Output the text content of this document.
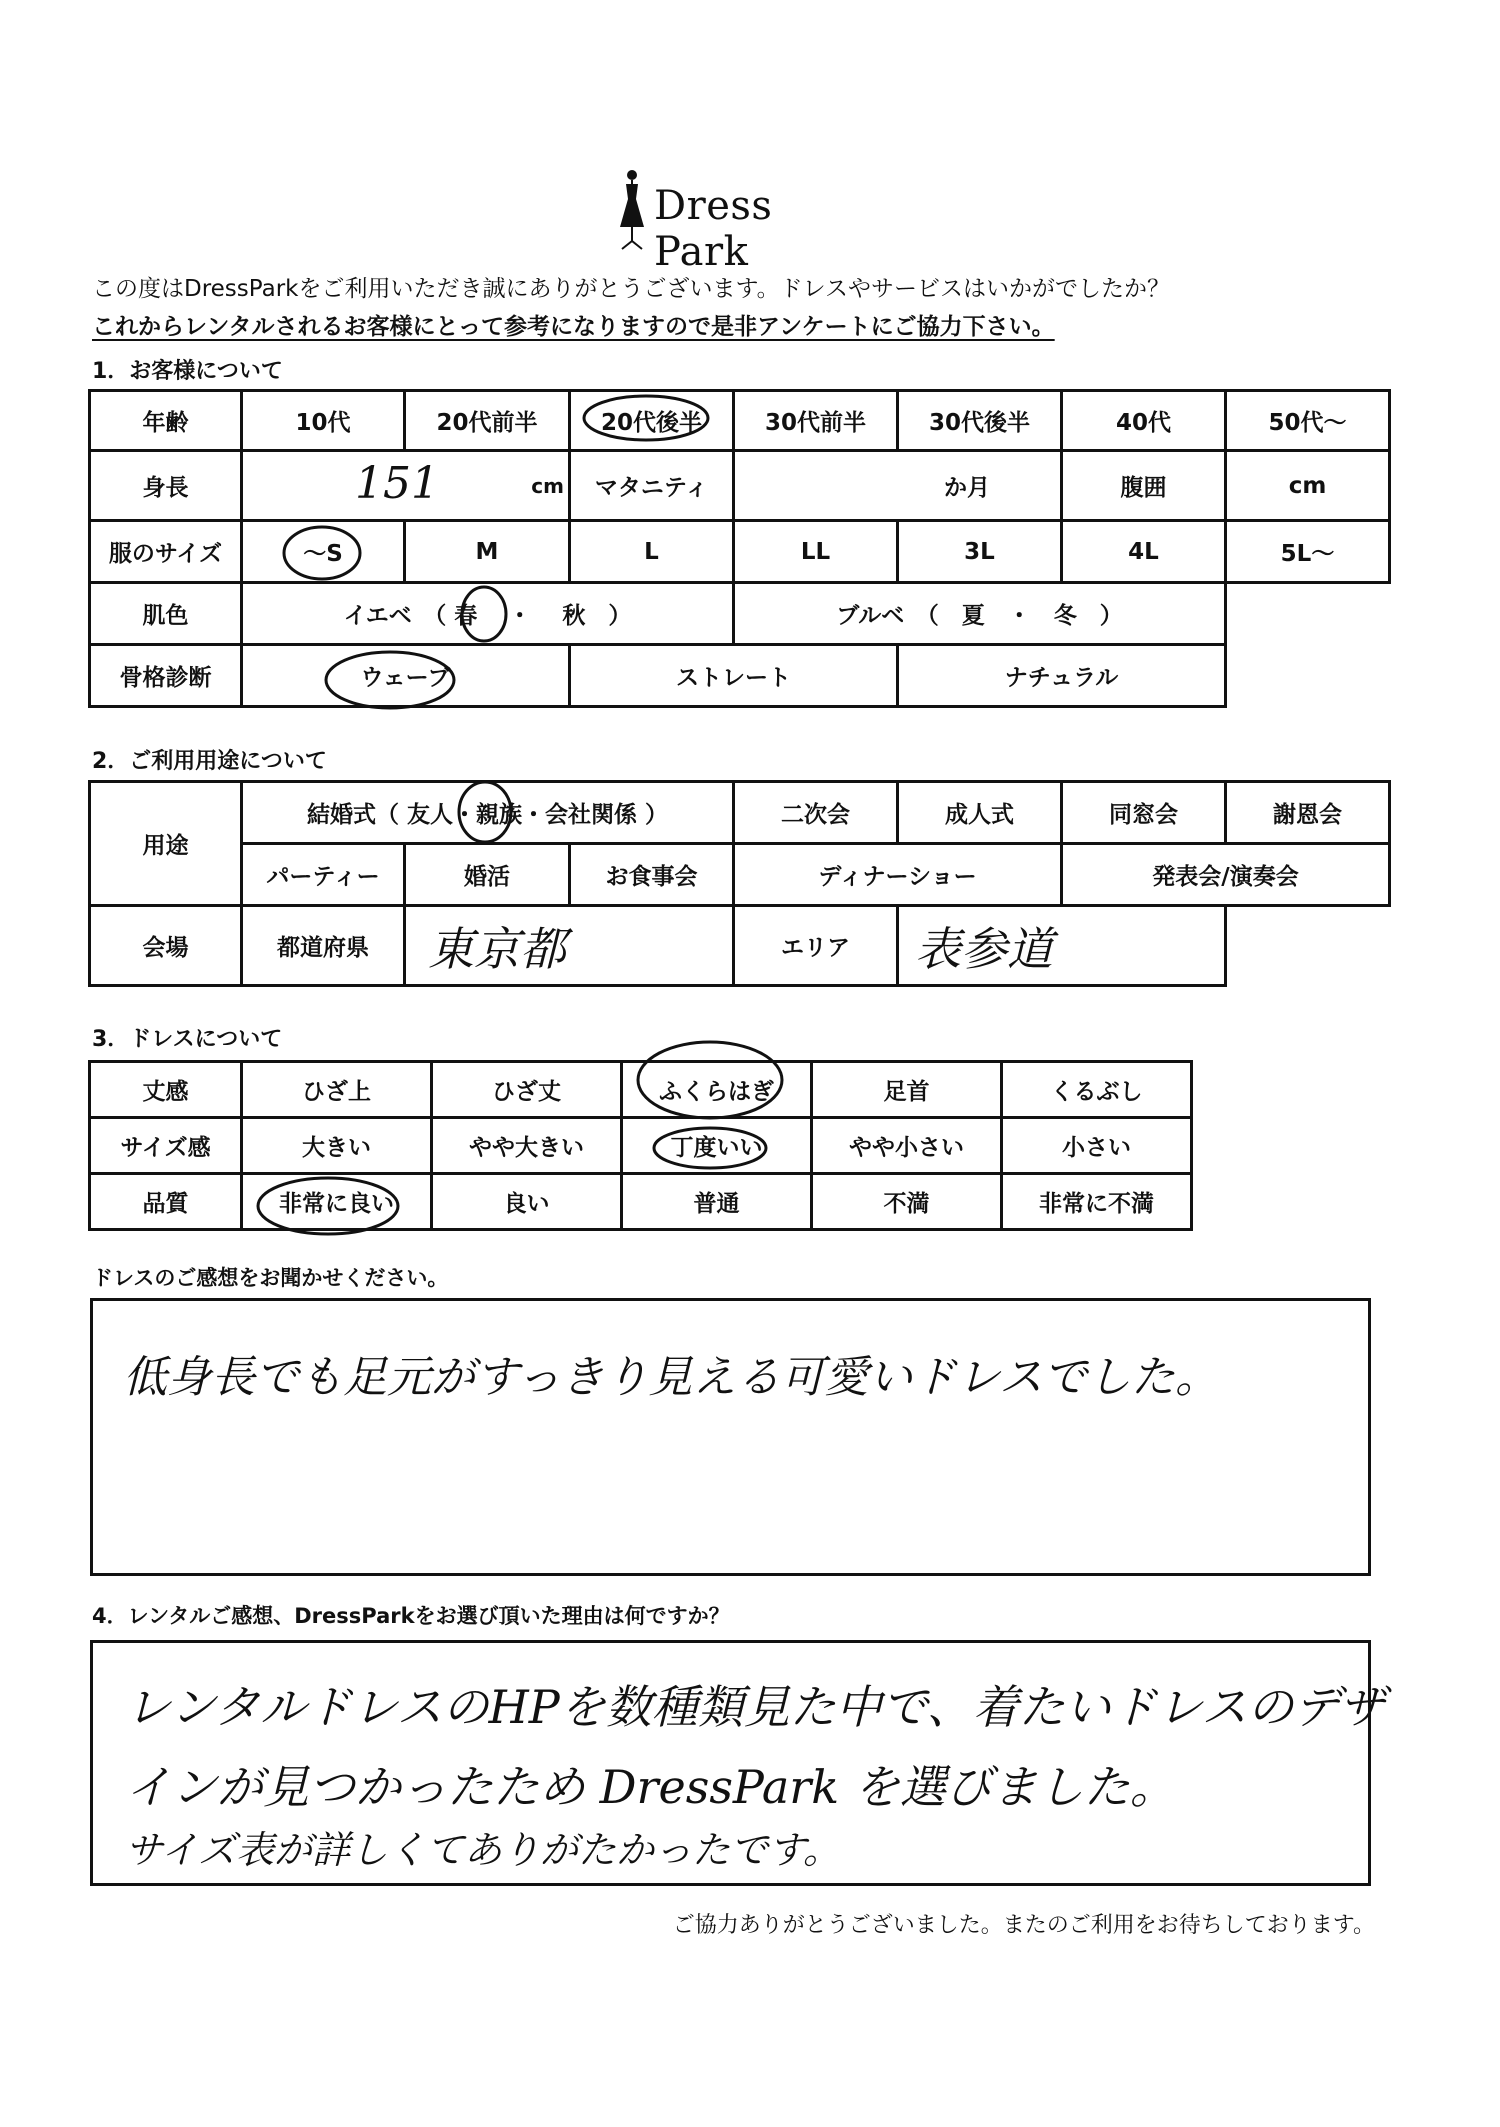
Dress Park
この度はDressParkをご利用いただき誠にありがとうございます。ドレスやサービスはいかがでしたか？
これからレンタルされるお客様にとって参考になりますので是非アンケートにご協力下さい。
1．お客様について
年齢	10代	20代前半	20代後半	30代前半	30代後半	40代	50代～
身長	151 cm		マタニティ	か月		腹囲	cm
服のサイズ	～S	M	L	LL	3L	4L	5L～
肌色	イエベ　（ 春 　 ・　 秋　）			ブルベ　（　夏　・　冬　）			
骨格診断	ウェーブ		ストレート		ナチュラル		
2．ご利用用途について
用途	結婚式（ 友人・親族・会社関係 ）			二次会	成人式	同窓会	謝恩会
	パーティー	婚活	お食事会	ディナーショー		発表会/演奏会	
会場	都道府県	東京都		エリア	表参道		
3．ドレスについて
丈感	ひざ上	ひざ丈	ふくらはぎ	足首	くるぶし
サイズ感	大きい	やや大きい	丁度いい	やや小さい	小さい
品質	非常に良い	良い	普通	不満	非常に不満
ドレスのご感想をお聞かせください。
低身長でも足元がすっきり見える可愛いドレスでした。
4．レンタルご感想、DressParkをお選び頂いた理由は何ですか？
レンタルドレスのHPを数種類見た中で、着たいドレスのデザ
インが見つかったため DressPark を選びました。
サイズ表が詳しくてありがたかったです。
ご協力ありがとうございました。またのご利用をお待ちしております。
